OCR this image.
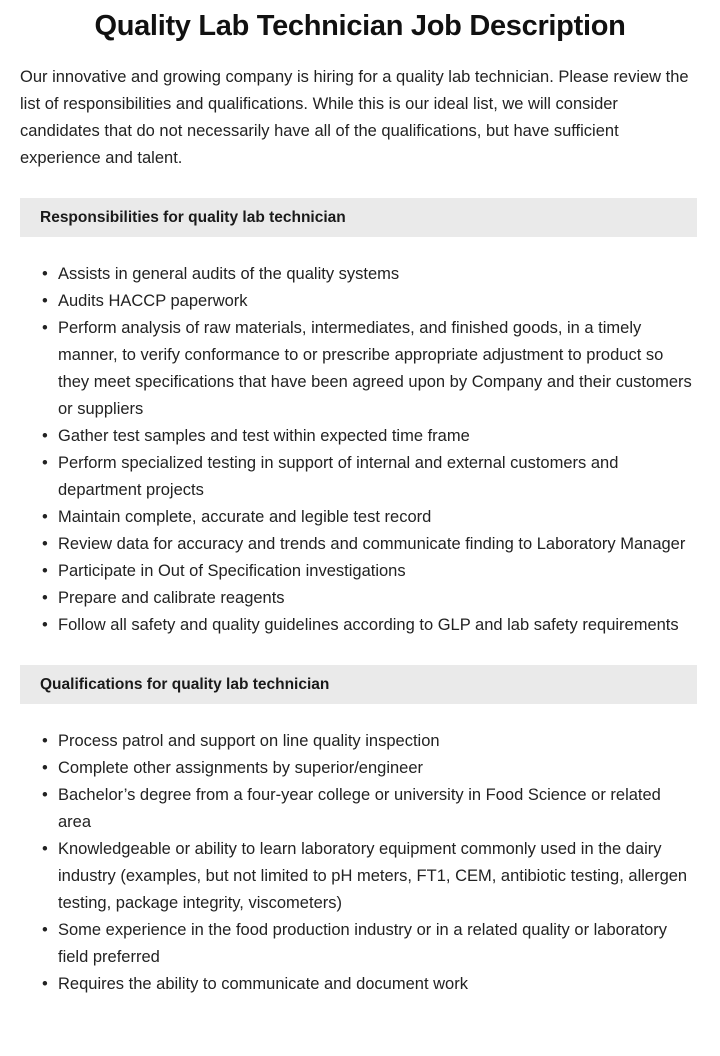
Quality Lab Technician Job Description

Our innovative and growing company is hiring for a quality lab technician. Please review the list of responsibilities and qualifications. While this is our ideal list, we will consider candidates that do not necessarily have all of the qualifications, but have sufficient experience and talent.

Responsibilities for quality lab technician
• Assists in general audits of the quality systems
• Audits HACCP paperwork
• Perform analysis of raw materials, intermediates, and finished goods, in a timely manner, to verify conformance to or prescribe appropriate adjustment to product so they meet specifications that have been agreed upon by Company and their customers or suppliers
• Gather test samples and test within expected time frame
• Perform specialized testing in support of internal and external customers and department projects
• Maintain complete, accurate and legible test record
• Review data for accuracy and trends and communicate finding to Laboratory Manager
• Participate in Out of Specification investigations
• Prepare and calibrate reagents
• Follow all safety and quality guidelines according to GLP and lab safety requirements
Qualifications for quality lab technician
• Process patrol and support on line quality inspection
• Complete other assignments by superior/engineer
• Bachelor’s degree from a four-year college or university in Food Science or related area
• Knowledgeable or ability to learn laboratory equipment commonly used in the dairy industry (examples, but not limited to pH meters, FT1, CEM, antibiotic testing, allergen testing, package integrity, viscometers)
• Some experience in the food production industry or in a related quality or laboratory field preferred
• Requires the ability to communicate and document work
